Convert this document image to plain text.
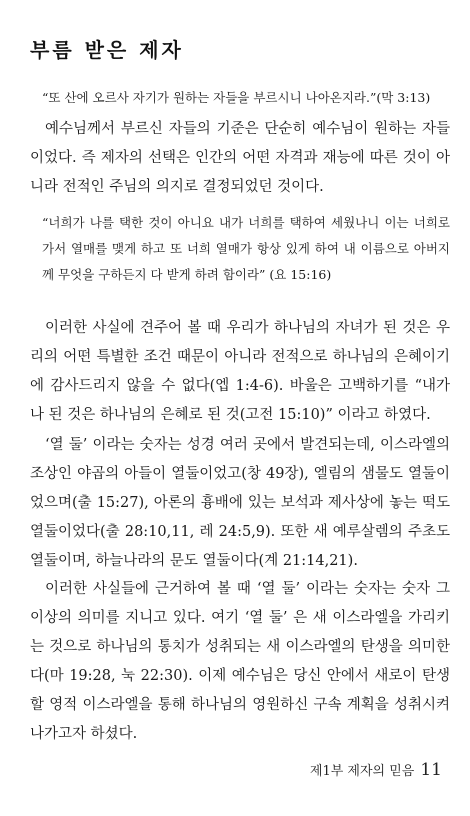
부름 받은 제자
“또 산에 오르사 자기가 원하는 자들을 부르시니 나아온지라.”(막 3:13)

예수님께서 부르신 자들의 기준은 단순히 예수님이 원하는 자들이었다. 즉 제자의 선택은 인간의 어떤 자격과 재능에 따른 것이 아니라 전적인 주님의 의지로 결정되었던 것이다.

“너희가 나를 택한 것이 아니요 내가 너희를 택하여 세웠나니 이는 너희로 가서 열매를 맺게 하고 또 너희 열매가 항상 있게 하여 내 이름으로 아버지께 무엇을 구하든지 다 받게 하려 함이라” (요 15:16)

이러한 사실에 견주어 볼 때 우리가 하나님의 자녀가 된 것은 우리의 어떤 특별한 조건 때문이 아니라 전적으로 하나님의 은혜이기에 감사드리지 않을 수 없다(엡 1:4-6). 바울은 고백하기를 “내가 나 된 것은 하나님의 은혜로 된 것(고전 15:10)” 이라고 하였다.

‘열 둘’ 이라는 숫자는 성경 여러 곳에서 발견되는데, 이스라엘의 조상인 야곱의 아들이 열둘이었고(창 49장), 엘림의 샘물도 열둘이었으며(출 15:27), 아론의 흉배에 있는 보석과 제사상에 놓는 떡도 열둘이었다(출 28:10,11, 레 24:5,9). 또한 새 예루살렘의 주초도 열둘이며, 하늘나라의 문도 열둘이다(계 21:14,21).

이러한 사실들에 근거하여 볼 때 ‘열 둘’ 이라는 숫자는 숫자 그 이상의 의미를 지니고 있다. 여기 ‘열 둘’ 은 새 이스라엘을 가리키는 것으로 하나님의 통치가 성취되는 새 이스라엘의 탄생을 의미한다(마 19:28, 눅 22:30). 이제 예수님은 당신 안에서 새로이 탄생할 영적 이스라엘을 통해 하나님의 영원하신 구속 계획을 성취시켜 나가고자 하셨다.

제1부 제자의 믿음 11
